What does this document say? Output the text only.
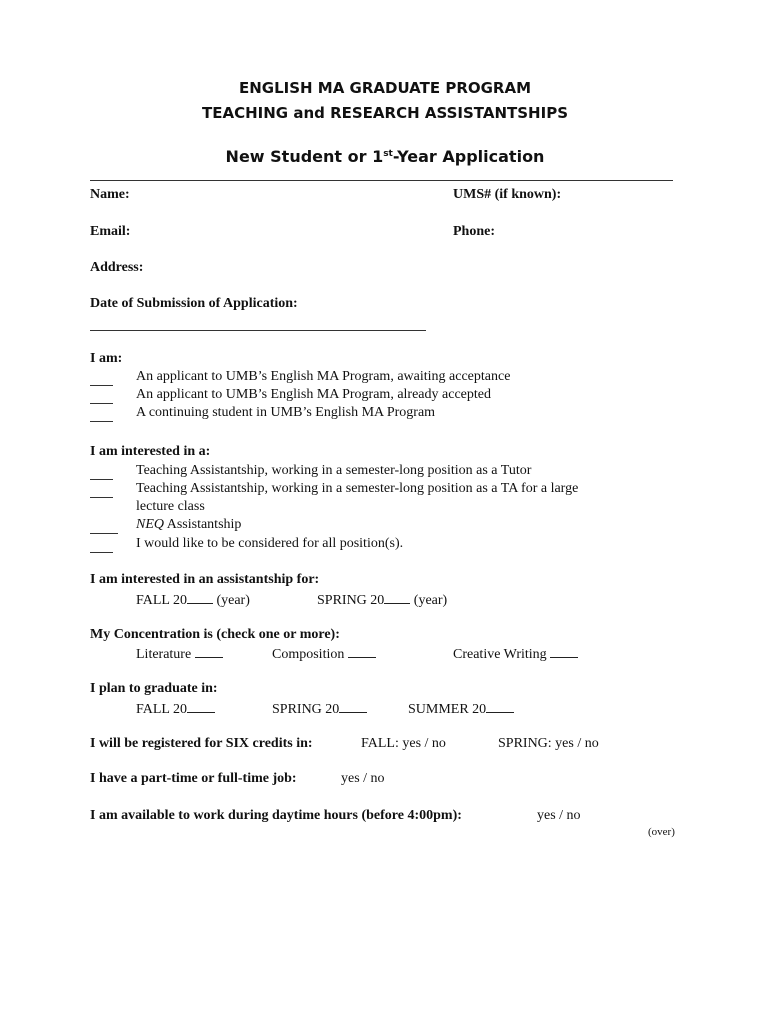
ENGLISH MA GRADUATE PROGRAM
TEACHING and RESEARCH ASSISTANTSHIPS
New Student or 1st-Year Application
Name:	UMS# (if known):
Email:	Phone:
Address:
Date of Submission of Application:
I am:
An applicant to UMB’s English MA Program, awaiting acceptance
An applicant to UMB’s English MA Program, already accepted
A continuing student in UMB’s English MA Program
I am interested in a:
Teaching Assistantship, working in a semester-long position as a Tutor
Teaching Assistantship, working in a semester-long position as a TA for a large
lecture class
NEQ Assistantship
I would like to be considered for all position(s).
I am interested in an assistantship for:
FALL 20 (year)	SPRING 20 (year)
My Concentration is (check one or more):
Literature	Composition	Creative Writing
I plan to graduate in:
FALL 20	SPRING 20	SUMMER 20
I will be registered for SIX credits in:	FALL: yes / no	SPRING: yes / no
I have a part-time or full-time job:	yes / no
I am available to work during daytime hours (before 4:00pm):	yes / no
(over)
